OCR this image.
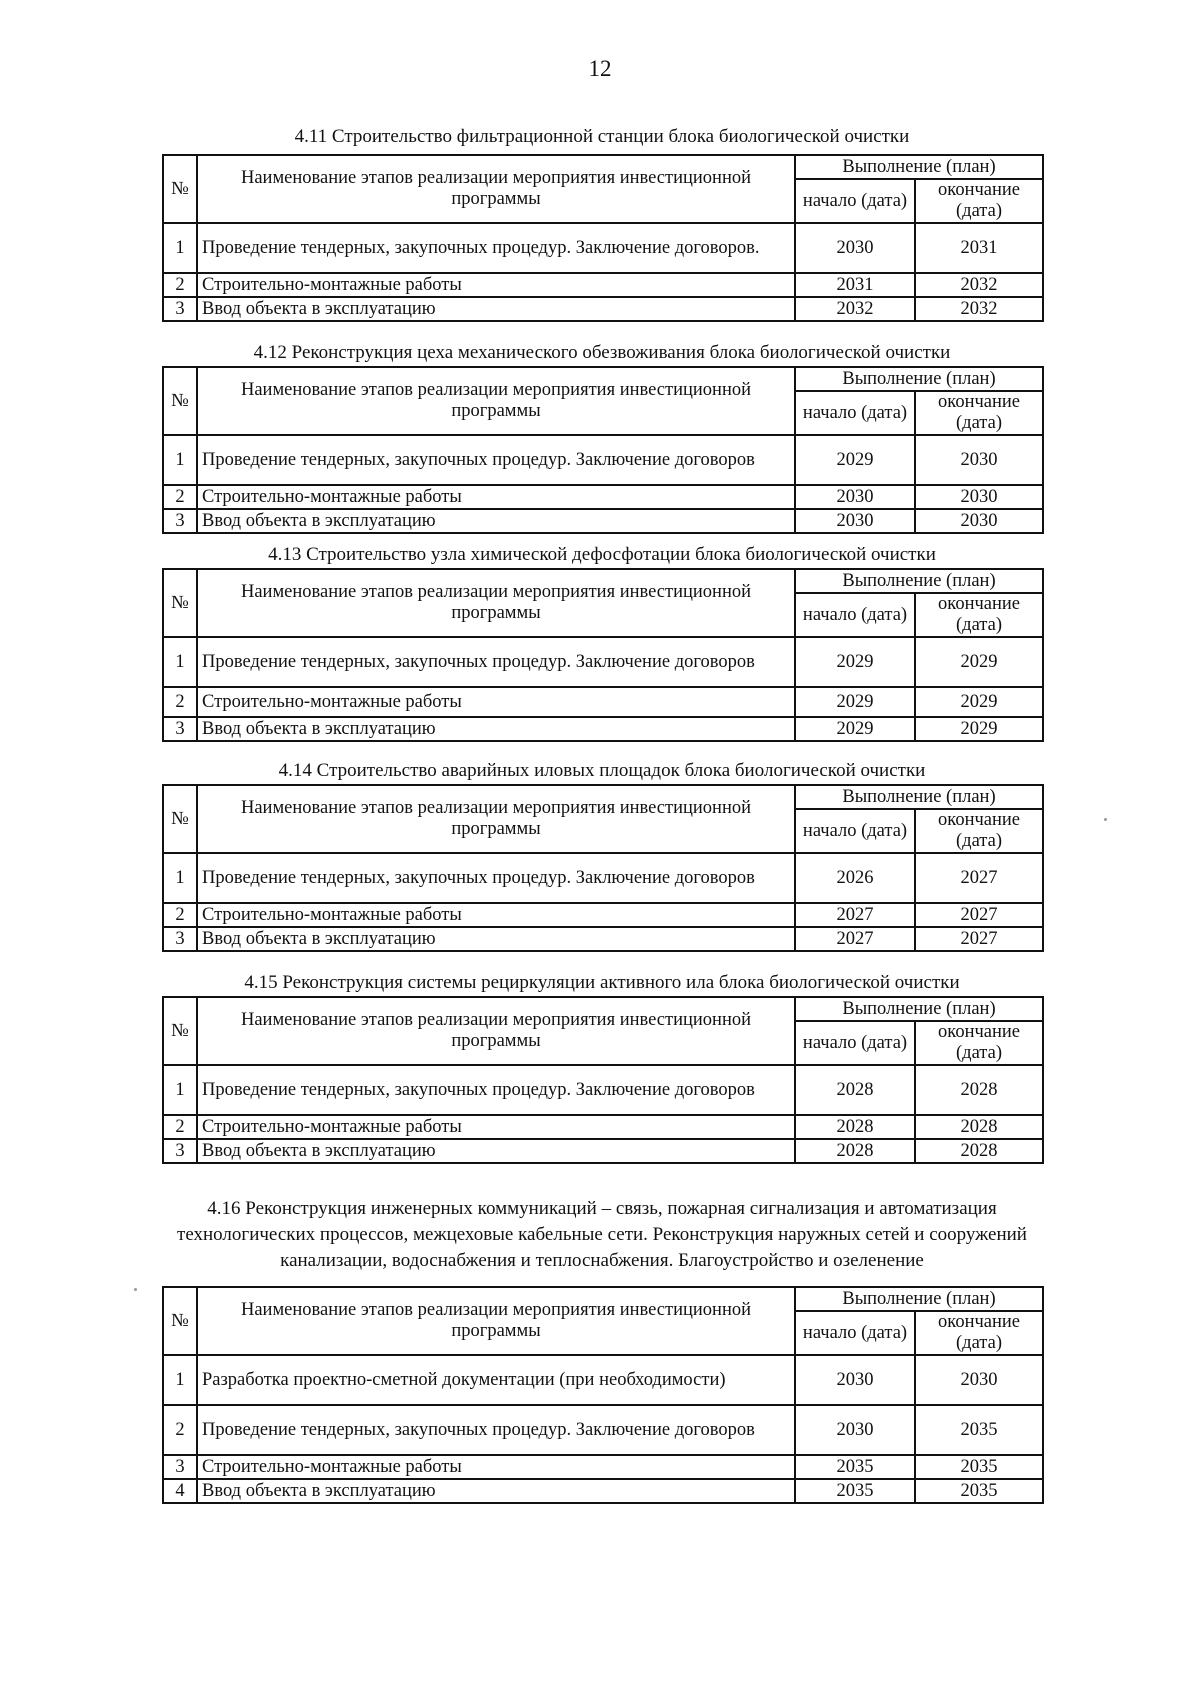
12
4.11 Строительство фильтрационной станции блока биологической очистки
№	Наименование этапов реализации мероприятия инвестиционной программы	Выполнение (план)	
		начало (дата)	окончание (дата)
1	Проведение тендерных, закупочных процедур. Заключение договоров.	2030	2031
2	Строительно-монтажные работы	2031	2032
3	Ввод объекта в эксплуатацию	2032	2032
4.12 Реконструкция цеха механического обезвоживания блока биологической очистки
№	Наименование этапов реализации мероприятия инвестиционной программы	Выполнение (план)	
		начало (дата)	окончание (дата)
1	Проведение тендерных, закупочных процедур. Заключение договоров	2029	2030
2	Строительно-монтажные работы	2030	2030
3	Ввод объекта в эксплуатацию	2030	2030
4.13 Строительство узла химической дефосфотации блока биологической очистки
№	Наименование этапов реализации мероприятия инвестиционной программы	Выполнение (план)	
		начало (дата)	окончание (дата)
1	Проведение тендерных, закупочных процедур. Заключение договоров	2029	2029
2	Строительно-монтажные работы	2029	2029
3	Ввод объекта в эксплуатацию	2029	2029
4.14 Строительство аварийных иловых площадок блока биологической очистки
№	Наименование этапов реализации мероприятия инвестиционной программы	Выполнение (план)	
		начало (дата)	окончание (дата)
1	Проведение тендерных, закупочных процедур. Заключение договоров	2026	2027
2	Строительно-монтажные работы	2027	2027
3	Ввод объекта в эксплуатацию	2027	2027
4.15 Реконструкция системы рециркуляции активного ила блока биологической очистки
№	Наименование этапов реализации мероприятия инвестиционной программы	Выполнение (план)	
		начало (дата)	окончание (дата)
1	Проведение тендерных, закупочных процедур. Заключение договоров	2028	2028
2	Строительно-монтажные работы	2028	2028
3	Ввод объекта в эксплуатацию	2028	2028
4.16 Реконструкция инженерных коммуникаций – связь, пожарная сигнализация и автоматизация технологических процессов, межцеховые кабельные сети. Реконструкция наружных сетей и сооружений канализации, водоснабжения и теплоснабжения. Благоустройство и озеленение
№	Наименование этапов реализации мероприятия инвестиционной программы	Выполнение (план)	
		начало (дата)	окончание (дата)
1	Разработка проектно-сметной документации (при необходимости)	2030	2030
2	Проведение тендерных, закупочных процедур. Заключение договоров	2030	2035
3	Строительно-монтажные работы	2035	2035
4	Ввод объекта в эксплуатацию	2035	2035
